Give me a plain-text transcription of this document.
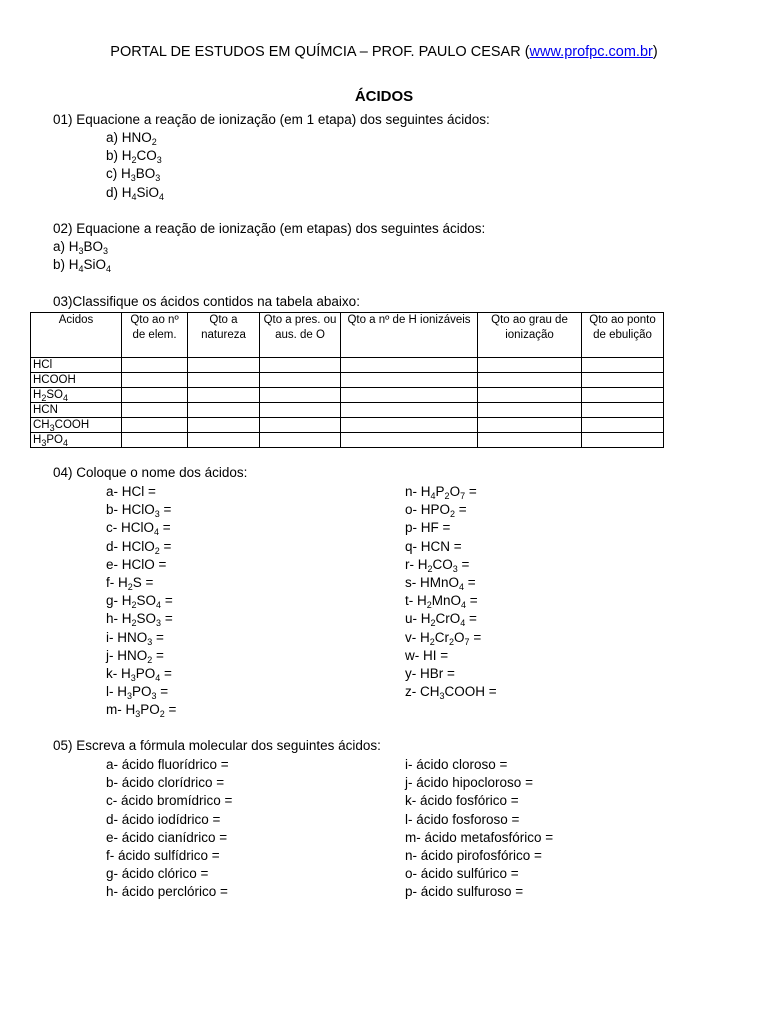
PORTAL DE ESTUDOS EM QUÍMCIA – PROF. PAULO CESAR (www.profpc.com.br)
ÁCIDOS
01) Equacione a reação de ionização (em 1 etapa) dos seguintes ácidos:
a) $HNO_2$
b) $H_2CO_3$
c) $H_3BO_3$
d) $H_4SiO_4$
02) Equacione a reação de ionização (em etapas) dos seguintes ácidos:
a) $H_3BO_3$
b) $H_4SiO_4$
03)Classifique os ácidos contidos na tabela abaixo:
Acidos	Qto ao nº de elem.	Qto a natureza	Qto a pres. ou aus. de O	Qto a nº de H ionizáveis	Qto ao grau de ionização	Qto ao ponto de ebulição
HCl						
HCOOH						
$H_2SO_4$						
HCN						
$CH_3COOH$						
$H_3PO_4$						
04) Coloque o nome dos ácidos:
a- HCl =
b- HClO$_3$ =
c- HClO$_4$ =
d- HClO$_2$ =
e- HClO =
f- $H_2S$ =
g- $H_2SO_4$ =
h- $H_2SO_3$ =
i- $HNO_3$ =
j- $HNO_2$ =
k- $H_3PO_4$ =
l- $H_3PO_3$ =
m- $H_3PO_2$ =
n- $H_4P_2O_7$ =
o- $HPO_2$ =
p- HF =
q- HCN =
r- $H_2CO_3$ =
s- HMnO$_4$ =
t- $H_2MnO_4$ =
u- $H_2CrO_4$ =
v- $H_2Cr_2O_7$ =
w- HI =
y- HBr =
z- $CH_3COOH$ =
05) Escreva a fórmula molecular dos seguintes ácidos:
a- ácido fluorídrico =
b- ácido clorídrico =
c- ácido bromídrico =
d- ácido iodídrico =
e- ácido cianídrico =
f- ácido sulfídrico =
g- ácido clórico =
h- ácido perclórico =
i- ácido cloroso =
j- ácido hipocloroso =
k- ácido fosfórico =
l- ácido fosforoso =
m- ácido metafosfórico =
n- ácido pirofosfórico =
o- ácido sulfúrico =
p- ácido sulfuroso =
